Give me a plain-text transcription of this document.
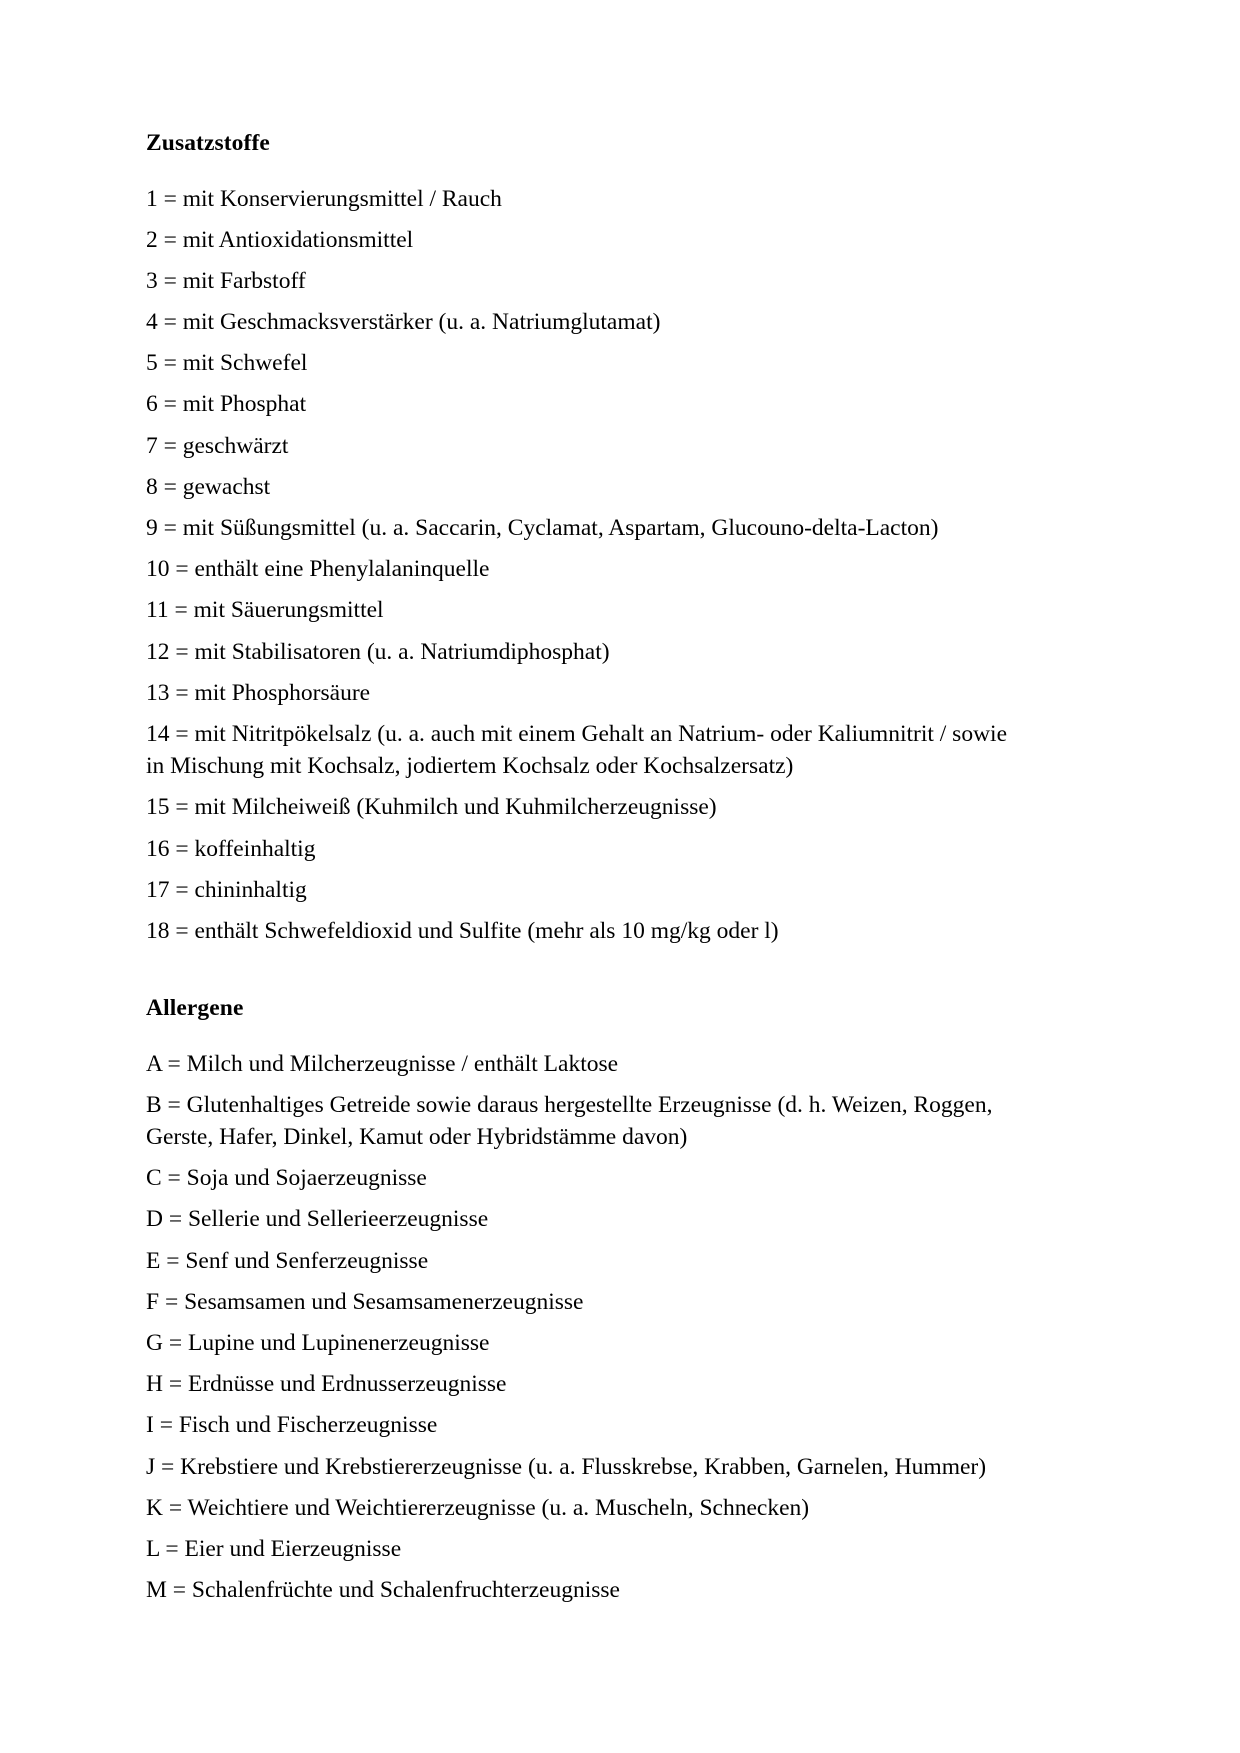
Zusatzstoffe
1 = mit Konservierungsmittel / Rauch
2 = mit Antioxidationsmittel
3 = mit Farbstoff
4 = mit Geschmacksverstärker (u. a. Natriumglutamat)
5 = mit Schwefel
6 = mit Phosphat
7 = geschwärzt
8 = gewachst
9 = mit Süßungsmittel (u. a. Saccarin, Cyclamat, Aspartam, Glucouno-delta-Lacton)
10 = enthält eine Phenylalaninquelle
11 = mit Säuerungsmittel
12 = mit Stabilisatoren (u. a. Natriumdiphosphat)
13 = mit Phosphorsäure
14 = mit Nitritpökelsalz (u. a. auch mit einem Gehalt an Natrium- oder Kaliumnitrit / sowie in Mischung mit Kochsalz, jodiertem Kochsalz oder Kochsalzersatz)
15 = mit Milcheiweiß (Kuhmilch und Kuhmilcherzeugnisse)
16 = koffeinhaltig
17 = chininhaltig
18 = enthält Schwefeldioxid und Sulfite (mehr als 10 mg/kg oder l)
Allergene
A = Milch und Milcherzeugnisse / enthält Laktose
B = Glutenhaltiges Getreide sowie daraus hergestellte Erzeugnisse (d. h. Weizen, Roggen, Gerste, Hafer, Dinkel, Kamut oder Hybridstämme davon)
C = Soja und Sojaerzeugnisse
D = Sellerie und Sellerieerzeugnisse
E = Senf und Senferzeugnisse
F = Sesamsamen und Sesamsamenerzeugnisse
G = Lupine und Lupinenerzeugnisse
H = Erdnüsse und Erdnusserzeugnisse
I = Fisch und Fischerzeugnisse
J = Krebstiere und Krebstiererzeugnisse (u. a. Flusskrebse, Krabben, Garnelen, Hummer)
K = Weichtiere und Weichtiererzeugnisse (u. a. Muscheln, Schnecken)
L = Eier und Eierzeugnisse
M = Schalenfrüchte und Schalenfruchterzeugnisse
